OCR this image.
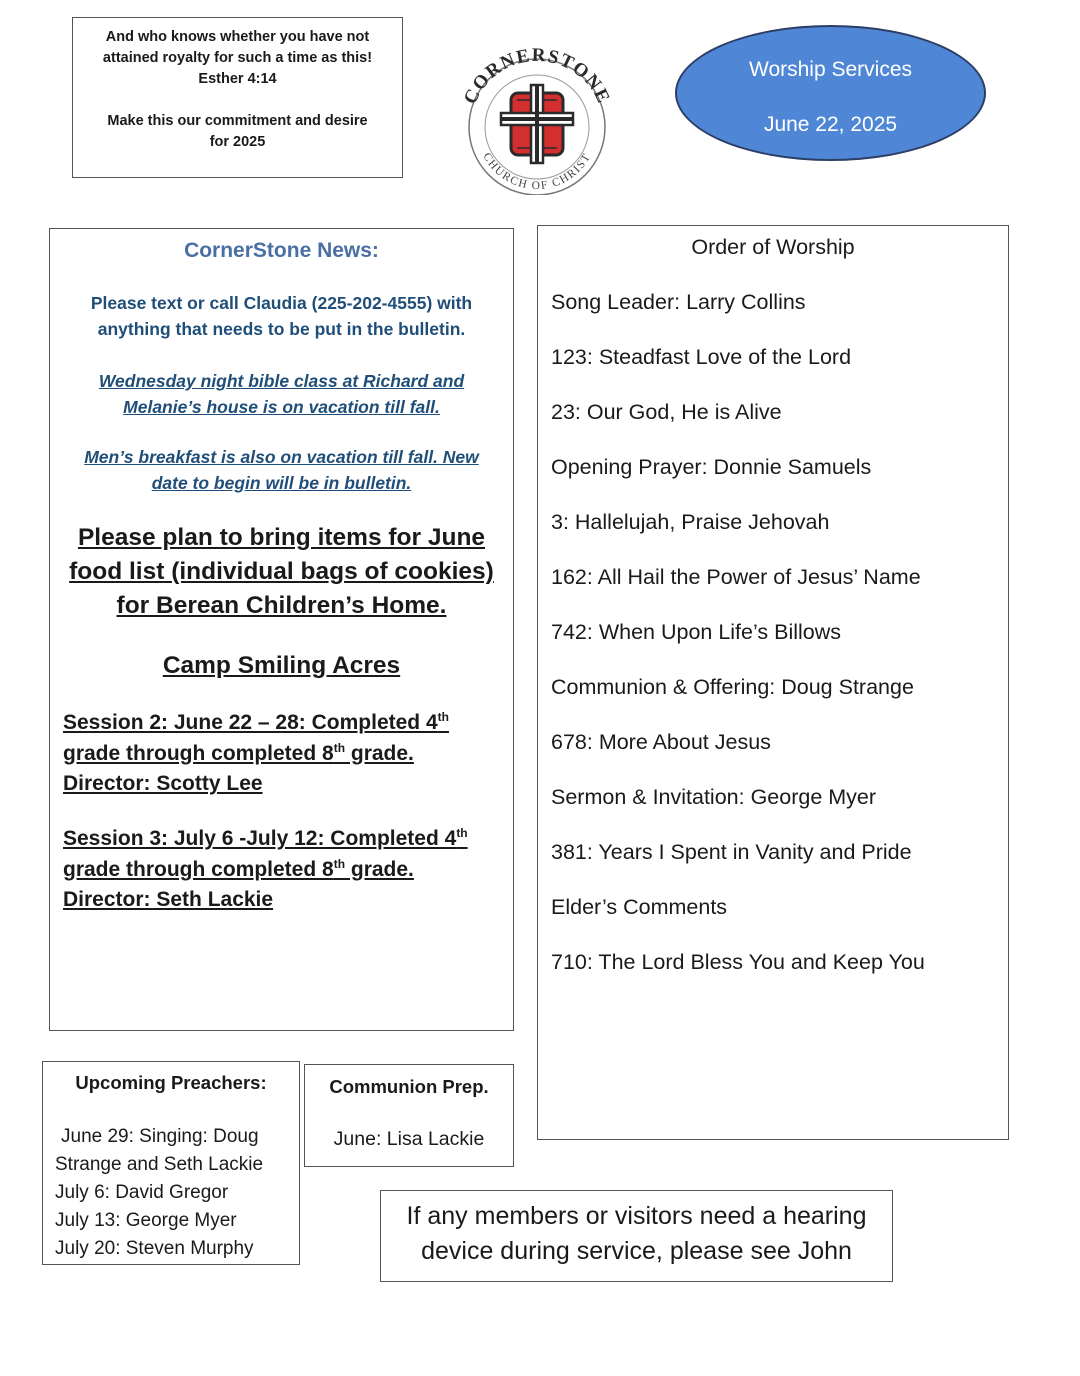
And who knows whether you have not
attained royalty for such a time as this!
Esther 4:14
Make this our commitment and desire
for 2025
CORNERSTONE
CHURCH OF CHRIST
Worship Services
June 22, 2025
CornerStone News:
Please text or call Claudia (225-202-4555) with anything that needs to be put in the bulletin.
Wednesday night bible class at Richard and Melanie’s house is on vacation till fall.
Men’s breakfast is also on vacation till fall. New date to begin will be in bulletin.
Please plan to bring items for June food list (individual bags of cookies) for Berean Children’s Home.
Camp Smiling Acres
Session 2: June 22 – 28: Completed 4th
grade through completed 8th grade.
Director: Scotty Lee
Session 3: July 6 -July 12: Completed 4th
grade through completed 8th grade.
Director: Seth Lackie
Order of Worship
Song Leader: Larry Collins
123: Steadfast Love of the Lord
23: Our God, He is Alive
Opening Prayer: Donnie Samuels
3: Hallelujah, Praise Jehovah
162: All Hail the Power of Jesus’ Name
742: When Upon Life’s Billows
Communion & Offering: Doug Strange
678: More About Jesus
Sermon & Invitation: George Myer
381: Years I Spent in Vanity and Pride
Elder’s Comments
710: The Lord Bless You and Keep You
Upcoming Preachers:
June 29: Singing: Doug
Strange and Seth Lackie
July 6: David Gregor
July 13: George Myer
July 20: Steven Murphy
Communion Prep.
June: Lisa Lackie
If any members or visitors need a hearing device during service, please see John
